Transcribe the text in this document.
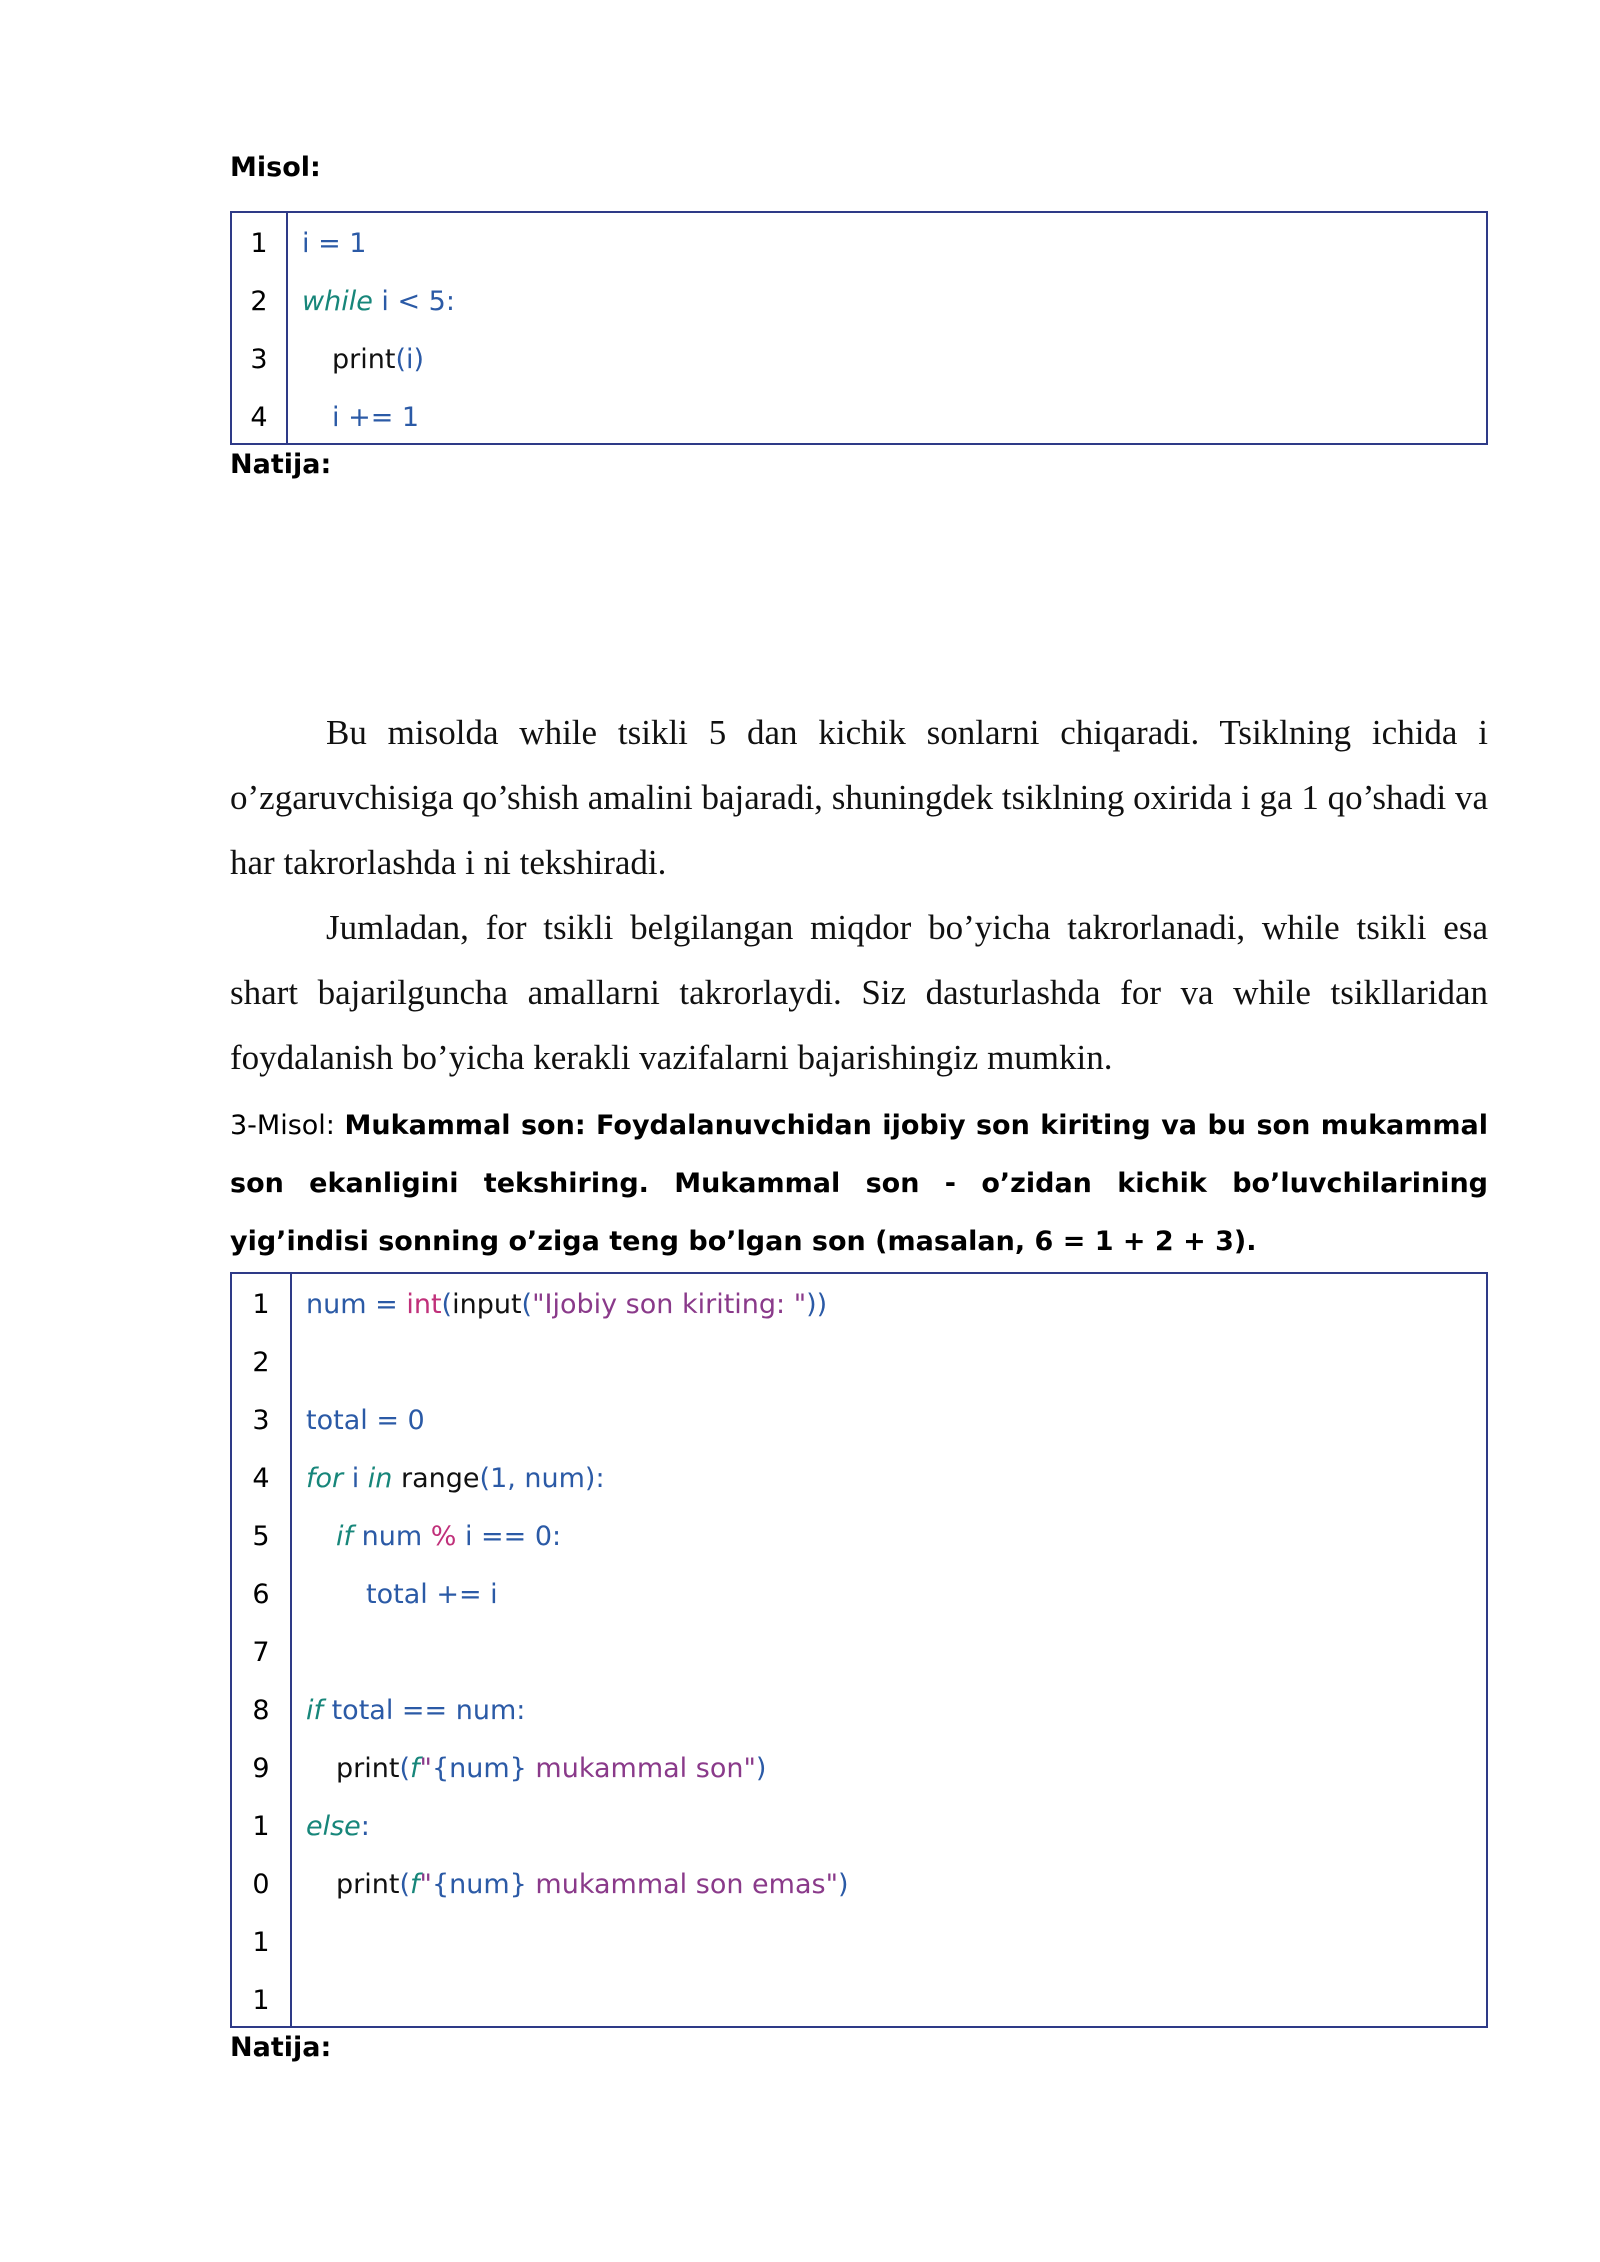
Misol:
1
2
3
4
i = 1
while i < 5:
print(i)
i += 1
Natija:

Bu misolda while tsikli 5 dan kichik sonlarni chiqaradi. Tsiklning ichida i o’zgaruvchisiga qo’shish amalini bajaradi, shuningdek tsiklning oxirida i ga 1 qo’shadi va har takrorlashda i ni tekshiradi.

Jumladan, for tsikli belgilangan miqdor bo’yicha takrorlanadi, while tsikli esa shart bajarilguncha amallarni takrorlaydi. Siz dasturlashda for va while tsikllaridan foydalanish bo’yicha kerakli vazifalarni bajarishingiz mumkin.

3-Misol: Mukammal son: Foydalanuvchidan ijobiy son kiriting va bu son mukammal son ekanligini tekshiring. Mukammal son - o’zidan kichik bo’luvchilarining yig’indisi sonning o’ziga teng bo’lgan son (masalan, 6 = 1 + 2 + 3).
1
2
3
4
5
6
7
8
9
1
0
1
1
num = int(input("Ijobiy son kiriting: "))
total = 0
for i in range(1, num):
if num % i == 0:
total += i
if total == num:
print(f"{num} mukammal son")
else:
print(f"{num} mukammal son emas")
Natija:
